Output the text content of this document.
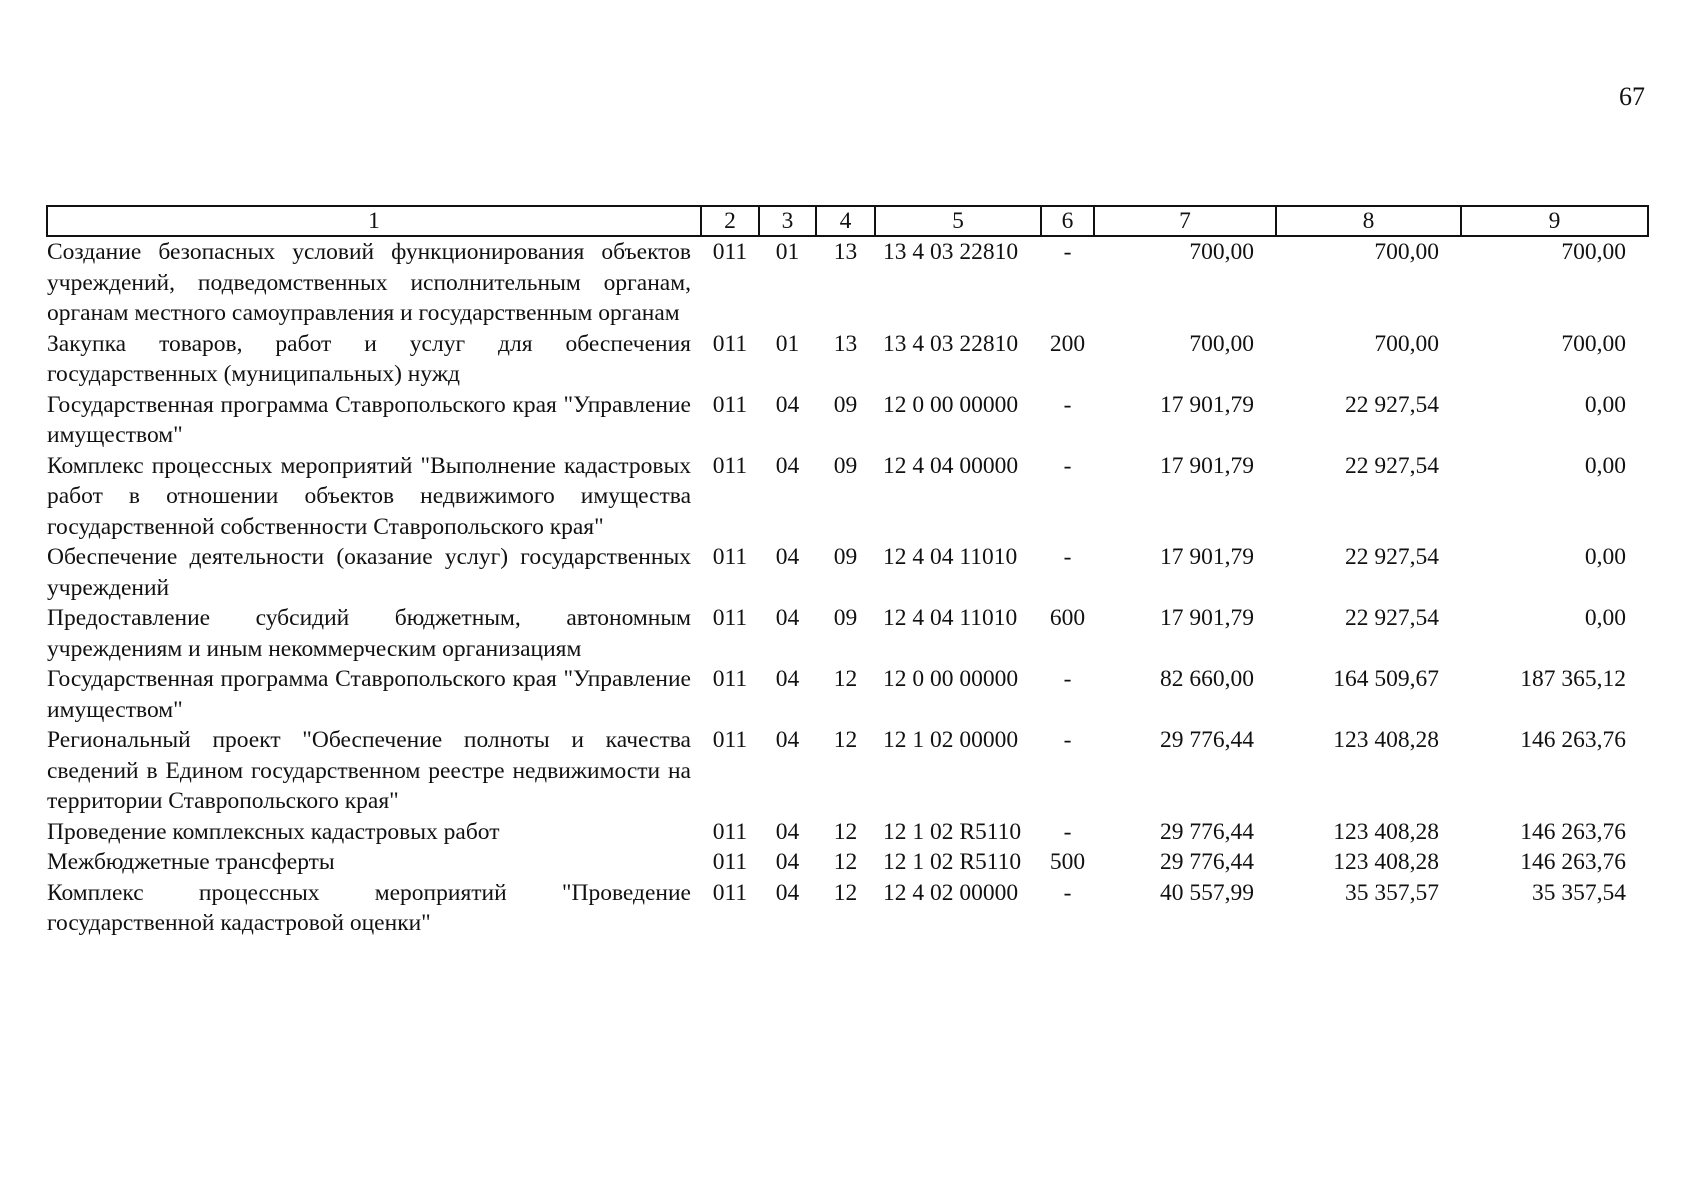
67
1	2	3	4	5	6	7	8	9
Создание безопасных условий функционирования объектов учреждений, подведомственных исполнительным органам, органам местного самоуправления и государственным органам	011	01	13	13 4 03 22810	-	700,00	700,00	700,00
Закупка товаров, работ и услуг для обеспечения государственных (муниципальных) нужд	011	01	13	13 4 03 22810	200	700,00	700,00	700,00
Государственная программа Ставропольского края "Управление имуществом"	011	04	09	12 0 00 00000	-	17 901,79	22 927,54	0,00
Комплекс процессных мероприятий "Выполнение кадастровых работ в отношении объектов недвижимого имущества государственной собственности Ставропольского края"	011	04	09	12 4 04 00000	-	17 901,79	22 927,54	0,00
Обеспечение деятельности (оказание услуг) государственных учреждений	011	04	09	12 4 04 11010	-	17 901,79	22 927,54	0,00
Предоставление субсидий бюджетным, автономным учреждениям и иным некоммерческим организациям	011	04	09	12 4 04 11010	600	17 901,79	22 927,54	0,00
Государственная программа Ставропольского края "Управление имуществом"	011	04	12	12 0 00 00000	-	82 660,00	164 509,67	187 365,12
Региональный проект "Обеспечение полноты и качества сведений в Едином государственном реестре недвижимости на территории Ставропольского края"	011	04	12	12 1 02 00000	-	29 776,44	123 408,28	146 263,76
Проведение комплексных кадастровых работ	011	04	12	12 1 02 R5110	-	29 776,44	123 408,28	146 263,76
Межбюджетные трансферты	011	04	12	12 1 02 R5110	500	29 776,44	123 408,28	146 263,76
Комплекс процессных мероприятий "Проведение государственной кадастровой оценки"	011	04	12	12 4 02 00000	-	40 557,99	35 357,57	35 357,54
